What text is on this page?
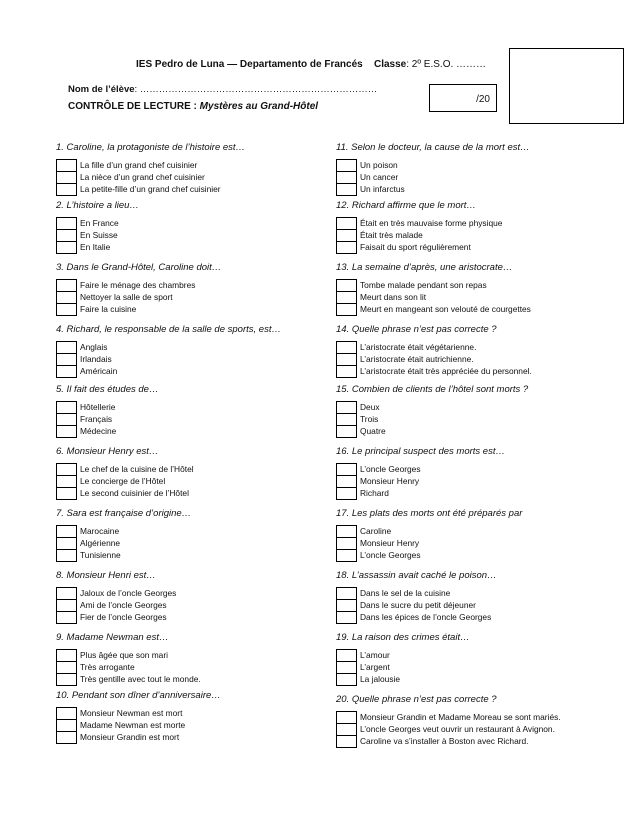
IES Pedro de Luna — Departamento de Francés Classe: 2º E.S.O. ………
Nom de l’élève: …………………………………………………………………
/20
CONTRÔLE DE LECTURE : Mystères au Grand-Hôtel
1. Caroline, la protagoniste de l’histoire est…
La fille d’un grand chef cuisinier
La nièce d’un grand chef cuisinier
La petite-fille d’un grand chef cuisinier
2. L’histoire a lieu…
En France
En Suisse
En Italie
3. Dans le Grand-Hôtel, Caroline doit…
Faire le ménage des chambres
Nettoyer la salle de sport
Faire la cuisine
4. Richard, le responsable de la salle de sports, est…
Anglais
Irlandais
Américain
5. Il fait des études de…
Hôtellerie
Français
Médecine
6. Monsieur Henry est…
Le chef de la cuisine de l’Hôtel
Le concierge de l’Hôtel
Le second cuisinier de l’Hôtel
7. Sara est française d’origine…
Marocaine
Algérienne
Tunisienne
8. Monsieur Henri est…
Jaloux de l’oncle Georges
Ami de l’oncle Georges
Fier de l’oncle Georges
9. Madame Newman est…
Plus âgée que son mari
Très arrogante
Très gentille avec tout le monde.
10. Pendant son dîner d’anniversaire…
Monsieur Newman est mort
Madame Newman est morte
Monsieur Grandin est mort
11. Selon le docteur, la cause de la mort est…
Un poison
Un cancer
Un infarctus
12. Richard affirme que le mort…
Était en très mauvaise forme physique
Était très malade
Faisait du sport régulièrement
13. La semaine d’après, une aristocrate…
Tombe malade pendant son repas
Meurt dans son lit
Meurt en mangeant son velouté de courgettes
14. Quelle phrase n’est pas correcte ?
L’aristocrate était végétarienne.
L’aristocrate était autrichienne.
L’aristocrate était très appréciée du personnel.
15. Combien de clients de l’hôtel sont morts ?
Deux
Trois
Quatre
16. Le principal suspect des morts est…
L’oncle Georges
Monsieur Henry
Richard
17. Les plats des morts ont été préparés par
Caroline
Monsieur Henry
L’oncle Georges
18. L’assassin avait caché le poison…
Dans le sel de la cuisine
Dans le sucre du petit déjeuner
Dans les épices de l’oncle Georges
19. La raison des crimes était…
L’amour
L’argent
La jalousie
20. Quelle phrase n’est pas correcte ?
Monsieur Grandin et Madame Moreau se sont mariés.
L’oncle Georges veut ouvrir un restaurant à Avignon.
Caroline va s’installer à Boston avec Richard.
